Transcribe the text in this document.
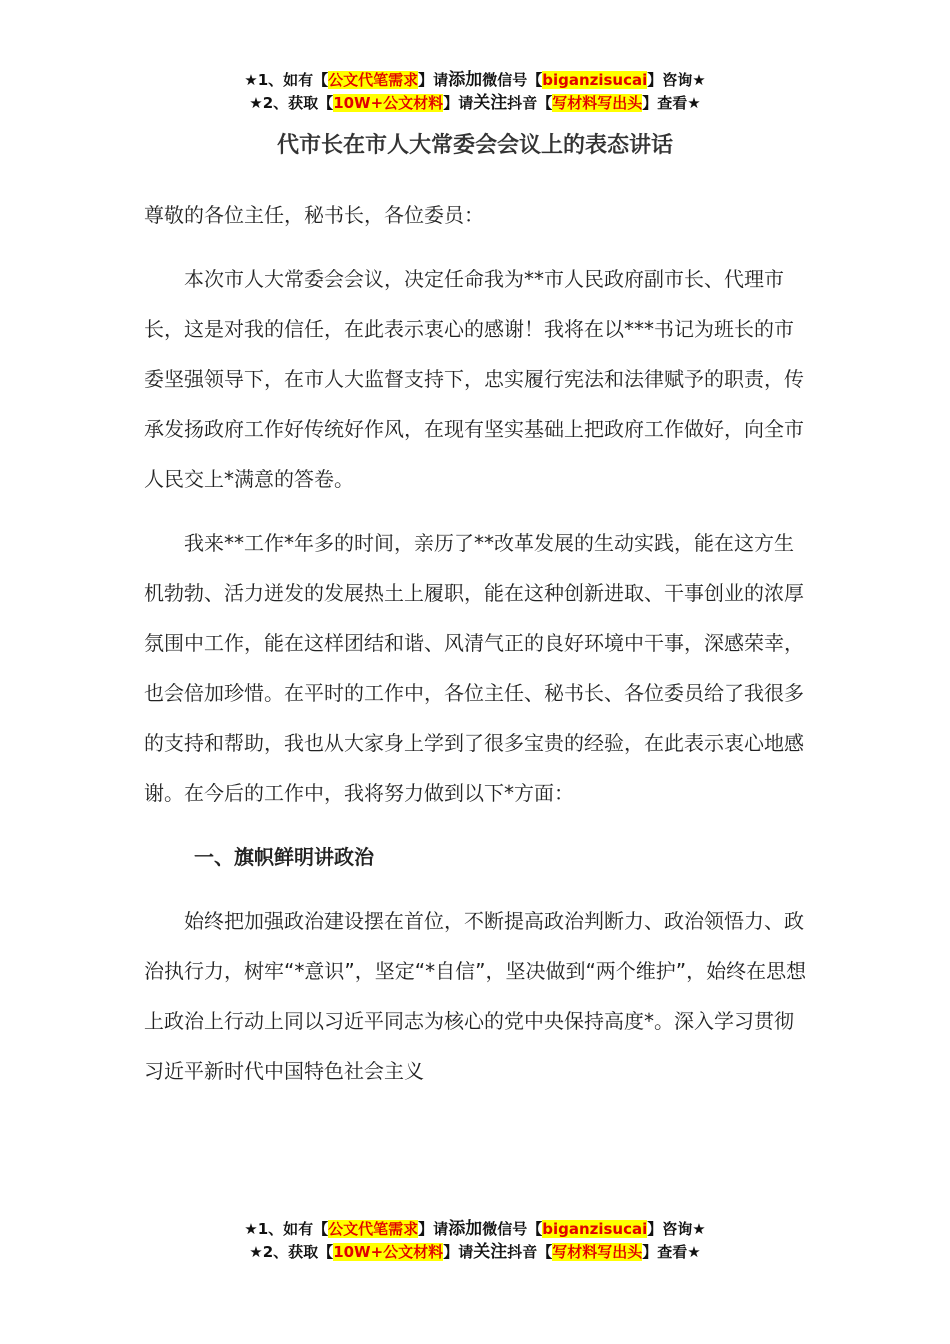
★1、如有【公文代笔需求】请添加微信号【biganzisucai】咨询★
★2、获取【10W+公文材料】请关注抖音【写材料写出头】查看★
代市长在市人大常委会会议上的表态讲话

尊敬的各位主任，秘书长，各位委员：

本次市人大常委会会议，决定任命我为**市人民政府副市长、代理市长，这是对我的信任，在此表示衷心的感谢！我将在以***书记为班长的市委坚强领导下，在市人大监督支持下，忠实履行宪法和法律赋予的职责，传承发扬政府工作好传统好作风，在现有坚实基础上把政府工作做好，向全市人民交上*满意的答卷。

我来**工作*年多的时间，亲历了**改革发展的生动实践，能在这方生机勃勃、活力迸发的发展热土上履职，能在这种创新进取、干事创业的浓厚氛围中工作，能在这样团结和谐、风清气正的良好环境中干事，深感荣幸，也会倍加珍惜。在平时的工作中，各位主任、秘书长、各位委员给了我很多的支持和帮助，我也从大家身上学到了很多宝贵的经验，在此表示衷心地感谢。在今后的工作中，我将努力做到以下*方面：

一、旗帜鲜明讲政治

始终把加强政治建设摆在首位，不断提高政治判断力、政治领悟力、政治执行力，树牢“*意识”，坚定“*自信”，坚决做到“两个维护”，始终在思想上政治上行动上同以习近平同志为核心的党中央保持高度*。深入学习贯彻习近平新时代中国特色社会主义

★1、如有【公文代笔需求】请添加微信号【biganzisucai】咨询★
★2、获取【10W+公文材料】请关注抖音【写材料写出头】查看★
